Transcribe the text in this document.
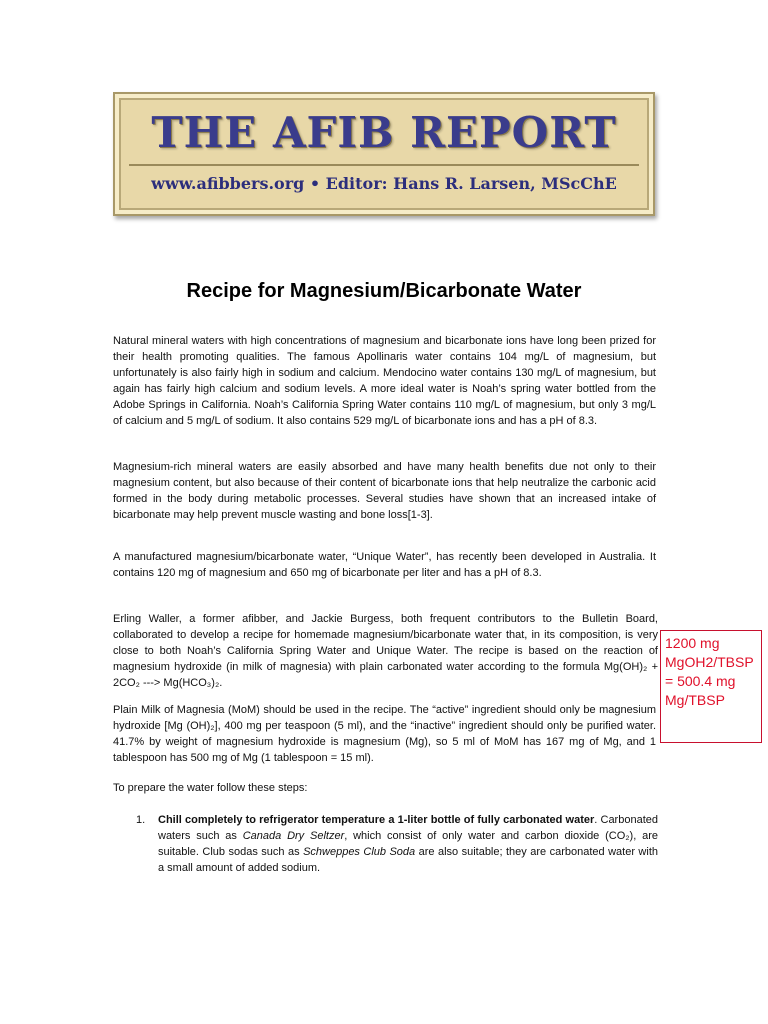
THE AFIB REPORT
www.afibbers.org • Editor: Hans R. Larsen, MScChE
Recipe for Magnesium/Bicarbonate Water

Natural mineral waters with high concentrations of magnesium and bicarbonate ions have long been prized for their health promoting qualities. The famous Apollinaris water contains 104 mg/L of magnesium, but unfortunately is also fairly high in sodium and calcium. Mendocino water contains 130 mg/L of magnesium, but again has fairly high calcium and sodium levels. A more ideal water is Noah’s spring water bottled from the Adobe Springs in California. Noah’s California Spring Water contains 110 mg/L of magnesium, but only 3 mg/L of calcium and 5 mg/L of sodium. It also contains 529 mg/L of bicarbonate ions and has a pH of 8.3.

Magnesium-rich mineral waters are easily absorbed and have many health benefits due not only to their magnesium content, but also because of their content of bicarbonate ions that help neutralize the carbonic acid formed in the body during metabolic processes. Several studies have shown that an increased intake of bicarbonate may help prevent muscle wasting and bone loss[1-3].

A manufactured magnesium/bicarbonate water, “Unique Water”, has recently been developed in Australia. It contains 120 mg of magnesium and 650 mg of bicarbonate per liter and has a pH of 8.3.

Erling Waller, a former afibber, and Jackie Burgess, both frequent contributors to the Bulletin Board, collaborated to develop a recipe for homemade magnesium/bicarbonate water that, in its composition, is very close to both Noah’s California Spring Water and Unique Water. The recipe is based on the reaction of magnesium hydroxide (in milk of magnesia) with plain carbonated water according to the formula Mg(OH)₂ + 2CO₂ ---> Mg(HCO₃)₂.

Plain Milk of Magnesia (MoM) should be used in the recipe. The “active” ingredient should only be magnesium hydroxide [Mg (OH)₂], 400 mg per teaspoon (5 ml), and the “inactive” ingredient should only be purified water. 41.7% by weight of magnesium hydroxide is magnesium (Mg), so 5 ml of MoM has 167 mg of Mg, and 1 tablespoon has 500 mg of Mg (1 tablespoon = 15 ml).

To prepare the water follow these steps:

1. Chill completely to refrigerator temperature a 1-liter bottle of fully carbonated water. Carbonated waters such as Canada Dry Seltzer, which consist of only water and carbon dioxide (CO₂), are suitable. Club sodas such as Schweppes Club Soda are also suitable; they are carbonated water with a small amount of added sodium.
1200 mg MgOH2/TBSP = 500.4 mg Mg/TBSP
